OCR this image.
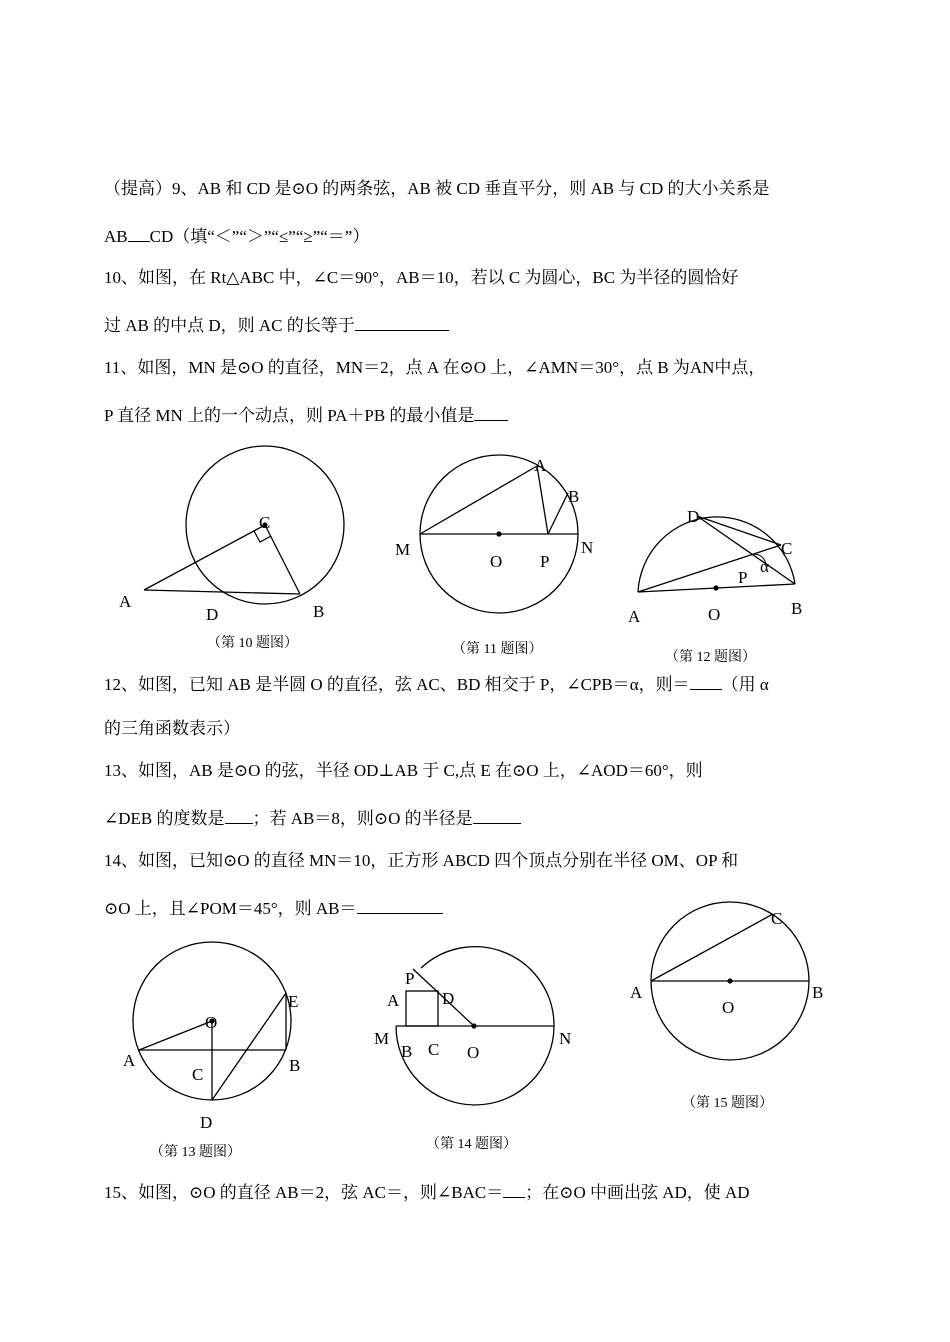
（提高）9、AB 和 CD 是⊙O 的两条弦，AB 被 CD 垂直平分，则 AB 与 CD 的大小关系是
AB CD（填“＜”“＞”“≤”“≥”“＝”）
10、如图，在 Rt△ABC 中，∠C＝90°，AB＝10，若以 C 为圆心，BC 为半径的圆恰好
过 AB 的中点 D，则 AC 的长等于
11、如图，MN 是⊙O 的直径，MN＝2，点 A 在⊙O 上，∠AMN＝30°，点 B 为AN中点，
P 直径 MN 上的一个动点，则 PA＋PB 的最小值是
C
A
D	B
（第 10 题图）
A
B
M	N
O P
（第 11 题图）
D
C
α
P
A	O	B
（第 12 题图）
12、如图，已知 AB 是半圆 O 的直径，弦 AC、BD 相交于 P，∠CPB＝α，则＝ （用 α
的三角函数表示）
13、如图，AB 是⊙O 的弦，半径 OD⊥AB 于 C,点 E 在⊙O 上，∠AOD＝60°，则
∠DEB 的度数是 ；若 AB＝8，则⊙O 的半径是
14、如图，已知⊙O 的直径 MN＝10，正方形 ABCD 四个顶点分别在半径 OM、OP 和
⊙O 上，且∠POM＝45°，则 AB＝
O
E
A	B
C
D
（第 13 题图）
P
A	D
M
B C O
N
（第 14 题图）
C
A	B
O
（第 15 题图）
15、如图，⊙O 的直径 AB＝2，弦 AC＝，则∠BAC＝ ；在⊙O 中画出弦 AD，使 AD
